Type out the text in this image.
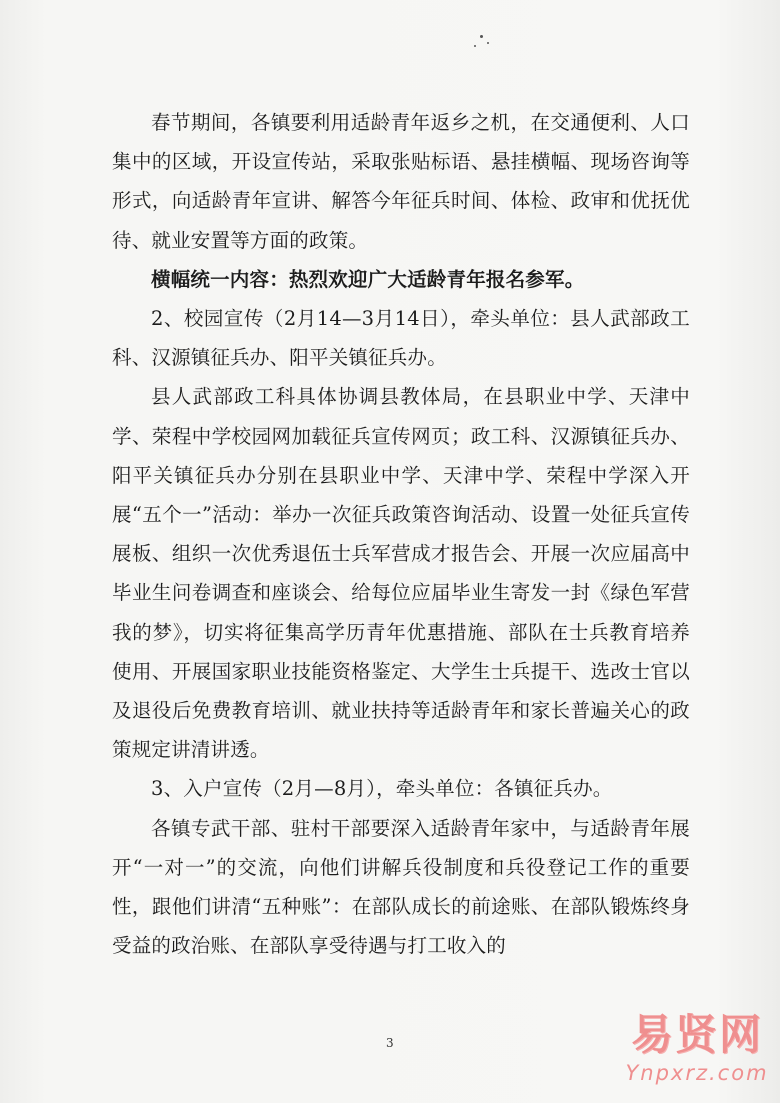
春节期间，各镇要利用适龄青年返乡之机，在交通便利、人口集中的区域，开设宣传站，采取张贴标语、悬挂横幅、现场咨询等形式，向适龄青年宣讲、解答今年征兵时间、体检、政审和优抚优待、就业安置等方面的政策。

横幅统一内容：热烈欢迎广大适龄青年报名参军。

2、校园宣传（2月14—3月14日），牵头单位：县人武部政工科、汉源镇征兵办、阳平关镇征兵办。

县人武部政工科具体协调县教体局，在县职业中学、天津中学、荣程中学校园网加载征兵宣传网页；政工科、汉源镇征兵办、阳平关镇征兵办分别在县职业中学、天津中学、荣程中学深入开展“五个一”活动：举办一次征兵政策咨询活动、设置一处征兵宣传展板、组织一次优秀退伍士兵军营成才报告会、开展一次应届高中毕业生问卷调查和座谈会、给每位应届毕业生寄发一封《绿色军营我的梦》，切实将征集高学历青年优惠措施、部队在士兵教育培养使用、开展国家职业技能资格鉴定、大学生士兵提干、选改士官以及退役后免费教育培训、就业扶持等适龄青年和家长普遍关心的政策规定讲清讲透。

3、入户宣传（2月—8月），牵头单位：各镇征兵办。

各镇专武干部、驻村干部要深入适龄青年家中，与适龄青年展开“一对一”的交流，向他们讲解兵役制度和兵役登记工作的重要性，跟他们讲清“五种账”：在部队成长的前途账、在部队锻炼终身受益的政治账、在部队享受待遇与打工收入的

3	易贤网
Ynpxrz.com
